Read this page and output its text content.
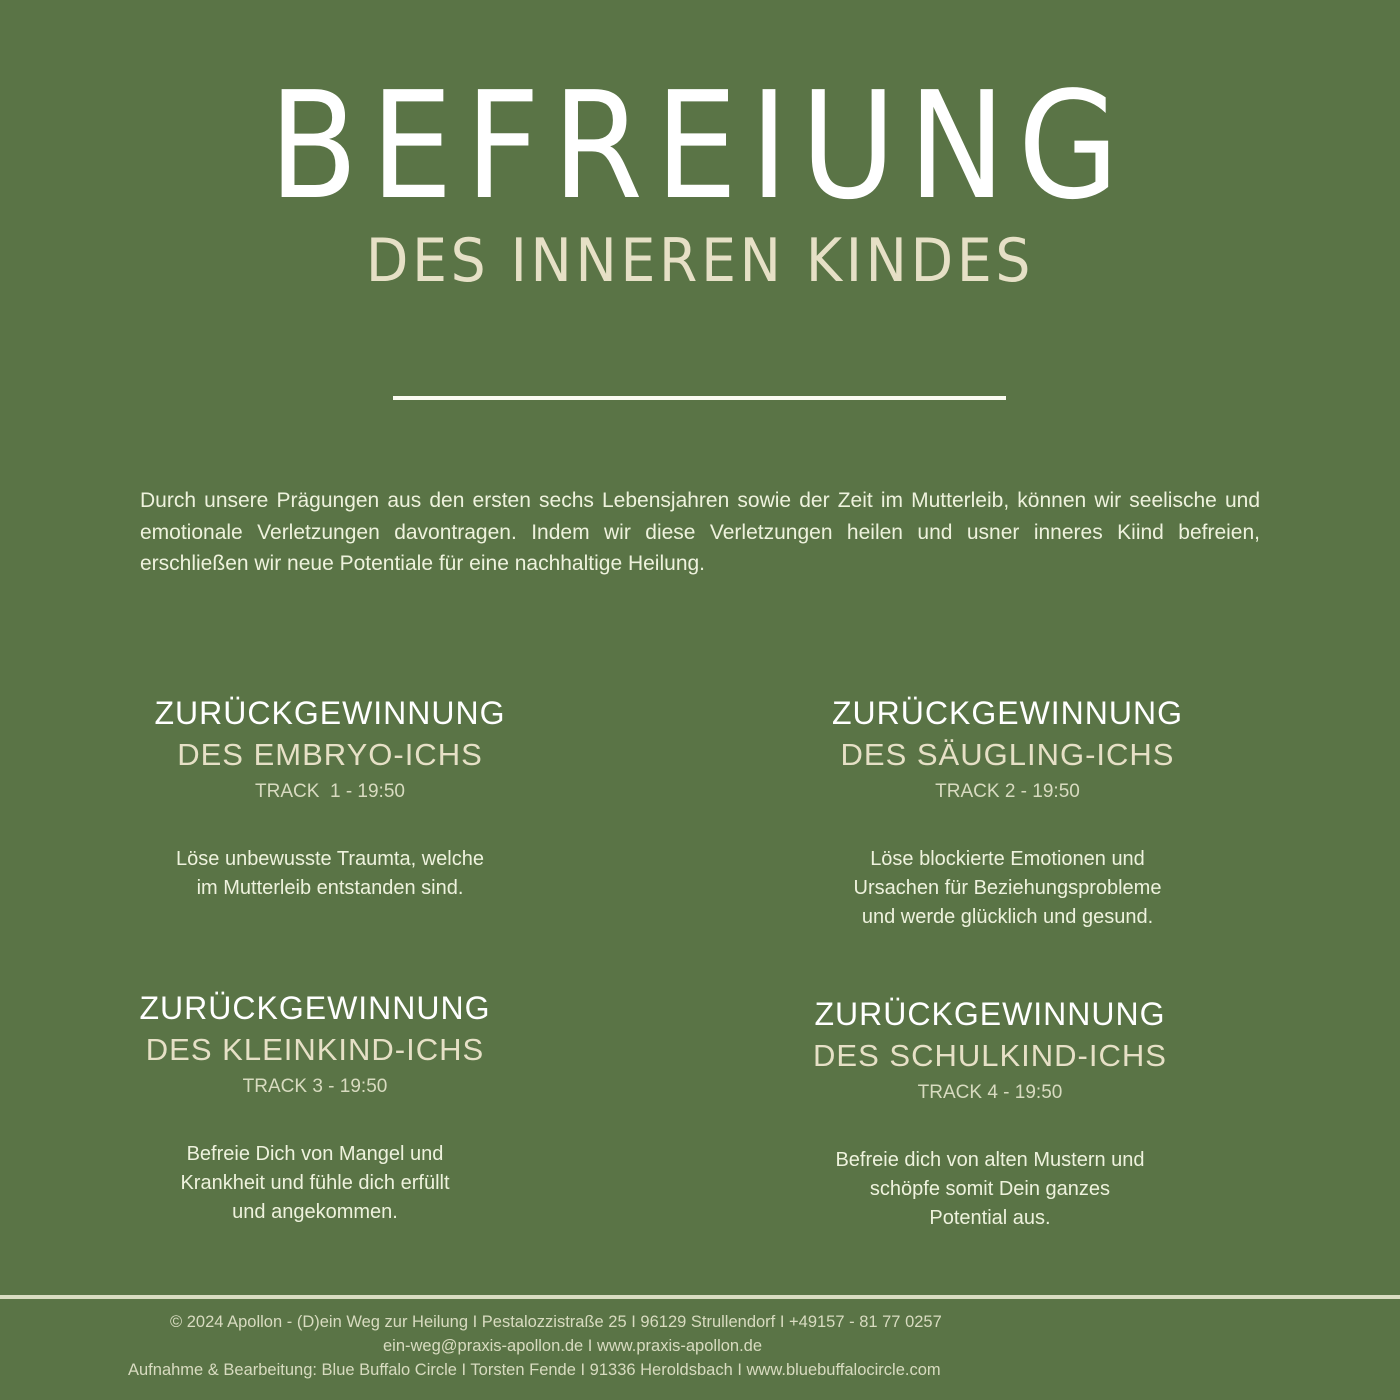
BEFREIUNG
DES INNEREN KINDES
Durch unsere Prägungen aus den ersten sechs Lebensjahren sowie der Zeit im Mutterleib, können wir seelische und emotionale Verletzungen davontragen. Indem wir diese Verletzungen heilen und usner inneres Kiind befreien, erschließen wir neue Potentiale für eine nachhaltige Heilung.
ZURÜCKGEWINNUNG
DES EMBRYO-ICHS
TRACK  1 - 19:50
Löse unbewusste Traumta, welche
im Mutterleib entstanden sind.
ZURÜCKGEWINNUNG
DES SÄUGLING-ICHS
TRACK 2 - 19:50
Löse blockierte Emotionen und
Ursachen für Beziehungsprobleme
und werde glücklich und gesund.
ZURÜCKGEWINNUNG
DES KLEINKIND-ICHS
TRACK 3 - 19:50
Befreie Dich von Mangel und
Krankheit und fühle dich erfüllt
und angekommen.
ZURÜCKGEWINNUNG
DES SCHULKIND-ICHS
TRACK 4 - 19:50
Befreie dich von alten Mustern und
schöpfe somit Dein ganzes
Potential aus.
© 2024 Apollon - (D)ein Weg zur Heilung I Pestalozzistraße 25 I 96129 Strullendorf I +49157 - 81 77 0257
ein-weg@praxis-apollon.de I www.praxis-apollon.de
Aufnahme & Bearbeitung: Blue Buffalo Circle I Torsten Fende I 91336 Heroldsbach I www.bluebuffalocircle.com
